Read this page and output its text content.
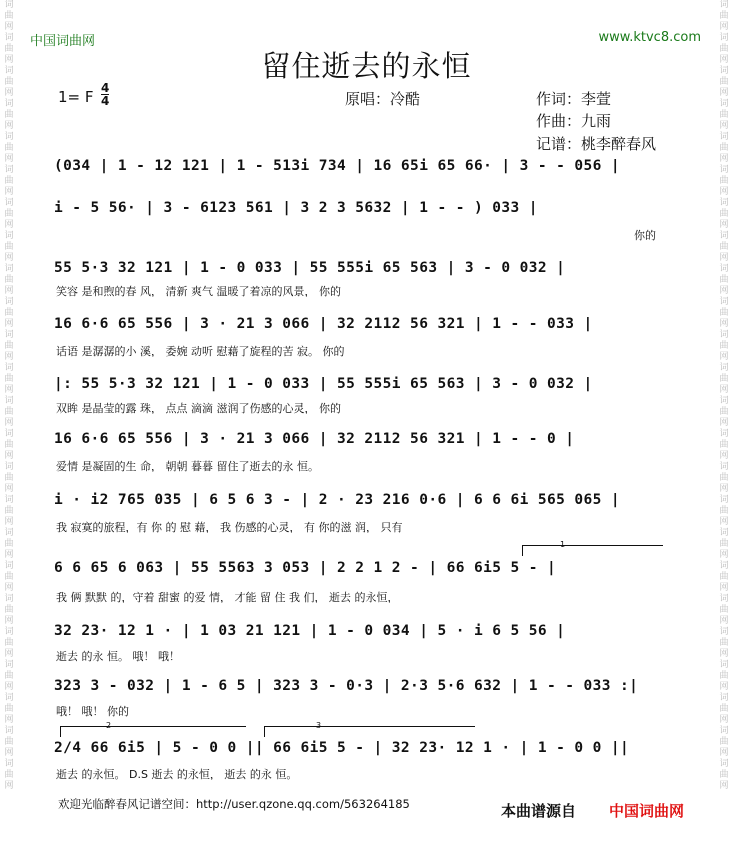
词曲网词曲网词曲网词曲网词曲网词曲网词曲网词曲网词曲网词曲网词曲网词曲网词曲网词曲网词曲网词曲网词曲网词曲网词曲网词曲网词曲网词曲网词曲网词曲网
词曲网词曲网词曲网词曲网词曲网词曲网词曲网词曲网词曲网词曲网词曲网词曲网词曲网词曲网词曲网词曲网词曲网词曲网词曲网词曲网词曲网词曲网词曲网词曲网
中国词曲网	www.ktvc8.com
留住逝去的永恒
1= F 4
4	原唱：冷酷	作词：李萱
作曲：九雨
记谱：桃李醉春风
(034 | 1 - 12 121 | 1 - 513i 734 | 16 65i 65 66· | 3 - - 056 |
i - 5 56· | 3 - 6123 561 | 3 2 3 5632 | 1 - - ) 033 |
你的
55 5·3 32 121 | 1 - 0 033 | 55 555i 65 563 | 3 - 0 032 |
笑容 是和煦的春 风， 清新 爽气 温暖了着凉的风景， 你的
16 6·6 65 556 | 3 · 21 3 066 | 32 2112 56 321 | 1 - - 033 |
话语 是潺潺的小 溪， 委婉 动听 慰藉了旋程的苦 寂。 你的
|: 55 5·3 32 121 | 1 - 0 033 | 55 555i 65 563 | 3 - 0 032 |
双眸 是晶莹的露 珠， 点点 滴滴 滋润了伤感的心灵， 你的
16 6·6 65 556 | 3 · 21 3 066 | 32 2112 56 321 | 1 - - 0 |
爱情 是凝固的生 命， 朝朝 暮暮 留住了逝去的永 恒。
i · i2 765 035 | 6 5 6 3 - | 2 · 23 216 0·6 | 6 6 6i 565 065 |
我 寂寞的旅程，有 你 的 慰 藉， 我 伤感的心灵， 有 你的滋 润， 只有
1
6 6 65 6 063 | 55 5563 3 053 | 2 2 1 2 - | 66 6i5 5 - |
我 俩 默默 的，守着 甜蜜 的爱 情， 才能 留 住 我 们， 逝去 的永恒，
32 23· 12 1 · | 1 03 21 121 | 1 - 0 034 | 5 · i 6 5 56 |
逝去 的永 恒。 哦！ 哦！
323 3 - 032 | 1 - 6 5 | 323 3 - 0·3 | 2·3 5·6 632 | 1 - - 033 :|
哦！ 哦！ 你的
2	3
2/4 66 6i5 | 5 - 0 0 || 66 6i5 5 - | 32 23· 12 1 · | 1 - 0 0 ||
逝去 的永恒。 D.S 逝去 的永恒， 逝去 的永 恒。
欢迎光临醉春风记谱空间：http://user.qzone.qq.com/563264185	本曲谱源自 中国词曲网
